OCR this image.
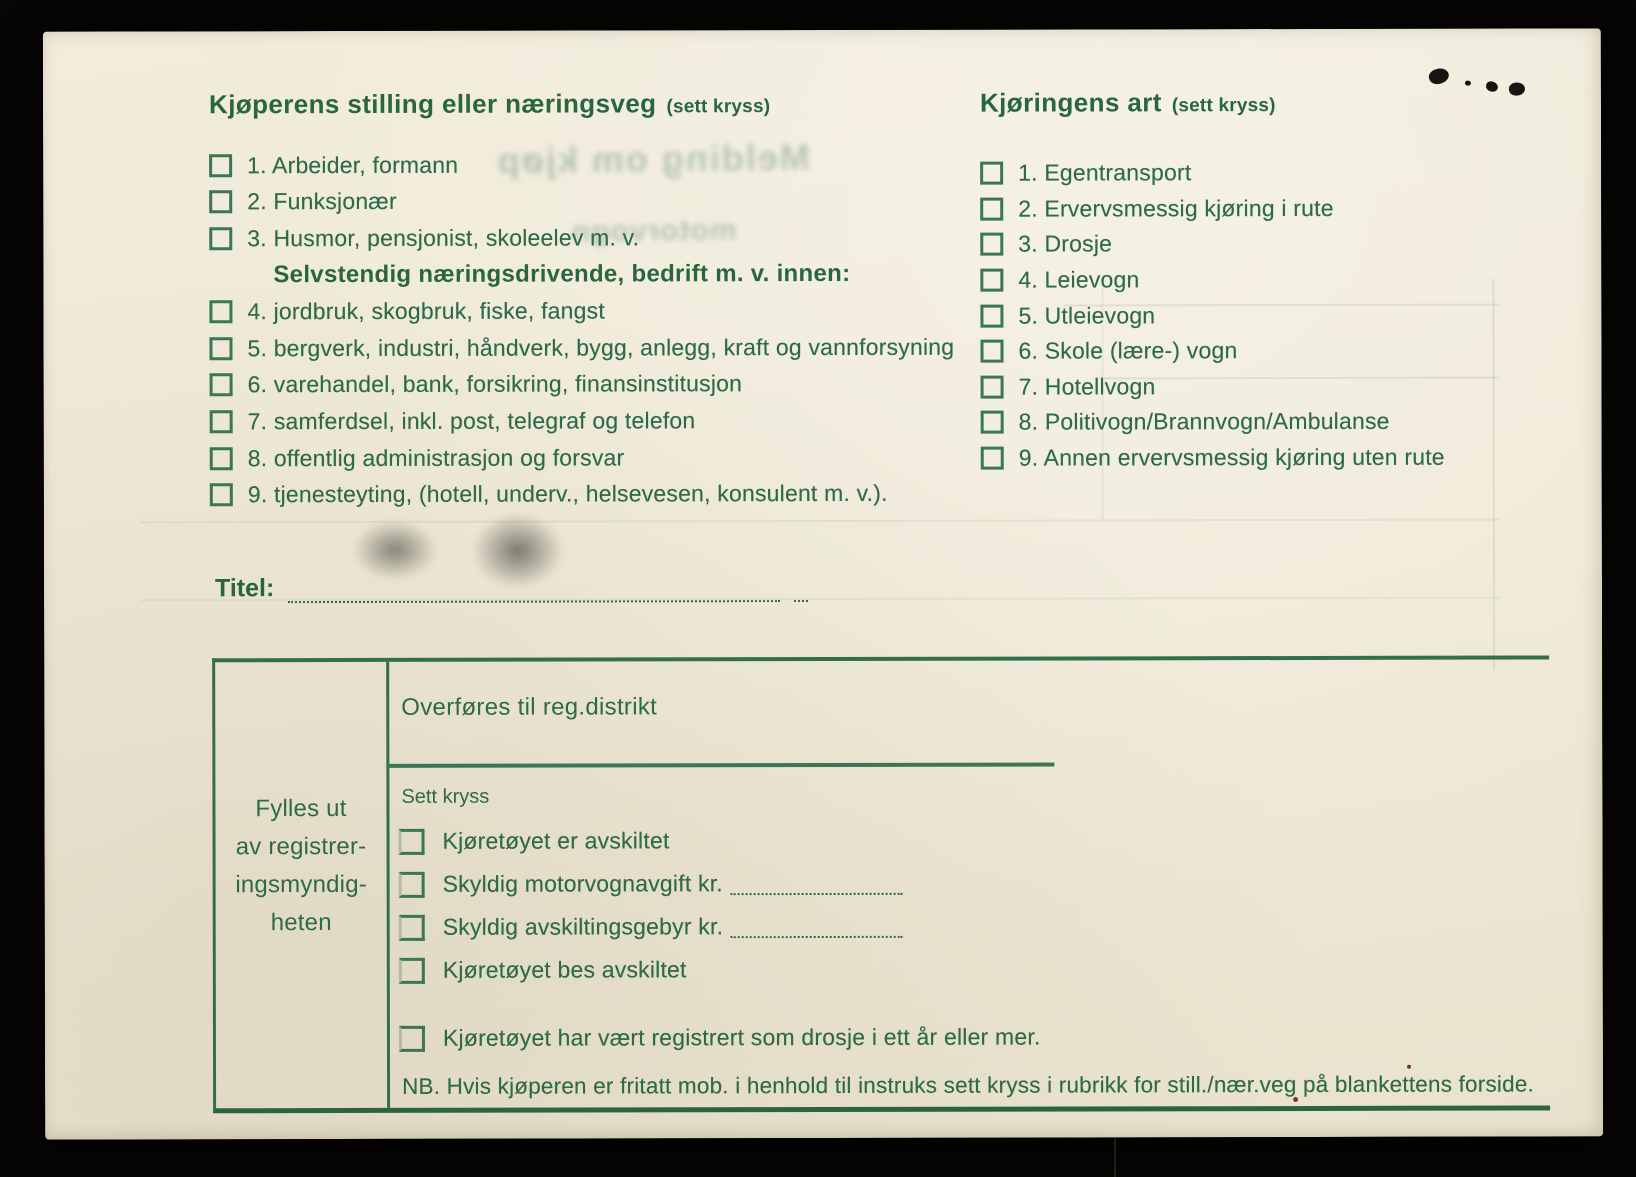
Melding om kjøp
motorvogn
Kjøperens stilling eller næringsveg (sett kryss)
1. Arbeider, formann
2. Funksjonær
3. Husmor, pensjonist, skoleelev m. v.
Selvstendig næringsdrivende, bedrift m. v. innen:
4. jordbruk, skogbruk, fiske, fangst
5. bergverk, industri, håndverk, bygg, anlegg, kraft og vannforsyning
6. varehandel, bank, forsikring, finansinstitusjon
7. samferdsel, inkl. post, telegraf og telefon
8. offentlig administrasjon og forsvar
9. tjenesteyting, (hotell, underv., helsevesen, konsulent m. v.).
Kjøringens art (sett kryss)
1. Egentransport
2. Ervervsmessig kjøring i rute
3. Drosje
4. Leievogn
5. Utleievogn
6. Skole (lære-) vogn
7. Hotellvogn
8. Politivogn/Brannvogn/Ambulanse
9. Annen ervervsmessig kjøring uten rute
Titel:
Fylles ut
av registrer-
ingsmyndig-
heten
Overføres til reg.distrikt
Sett kryss
Kjøretøyet er avskiltet
Skyldig motorvognavgift kr.
Skyldig avskiltingsgebyr kr.
Kjøretøyet bes avskiltet
Kjøretøyet har vært registrert som drosje i ett år eller mer.
NB. Hvis kjøperen er fritatt mob. i henhold til instruks sett kryss i rubrikk for still./nær.veg på blankettens forside.
